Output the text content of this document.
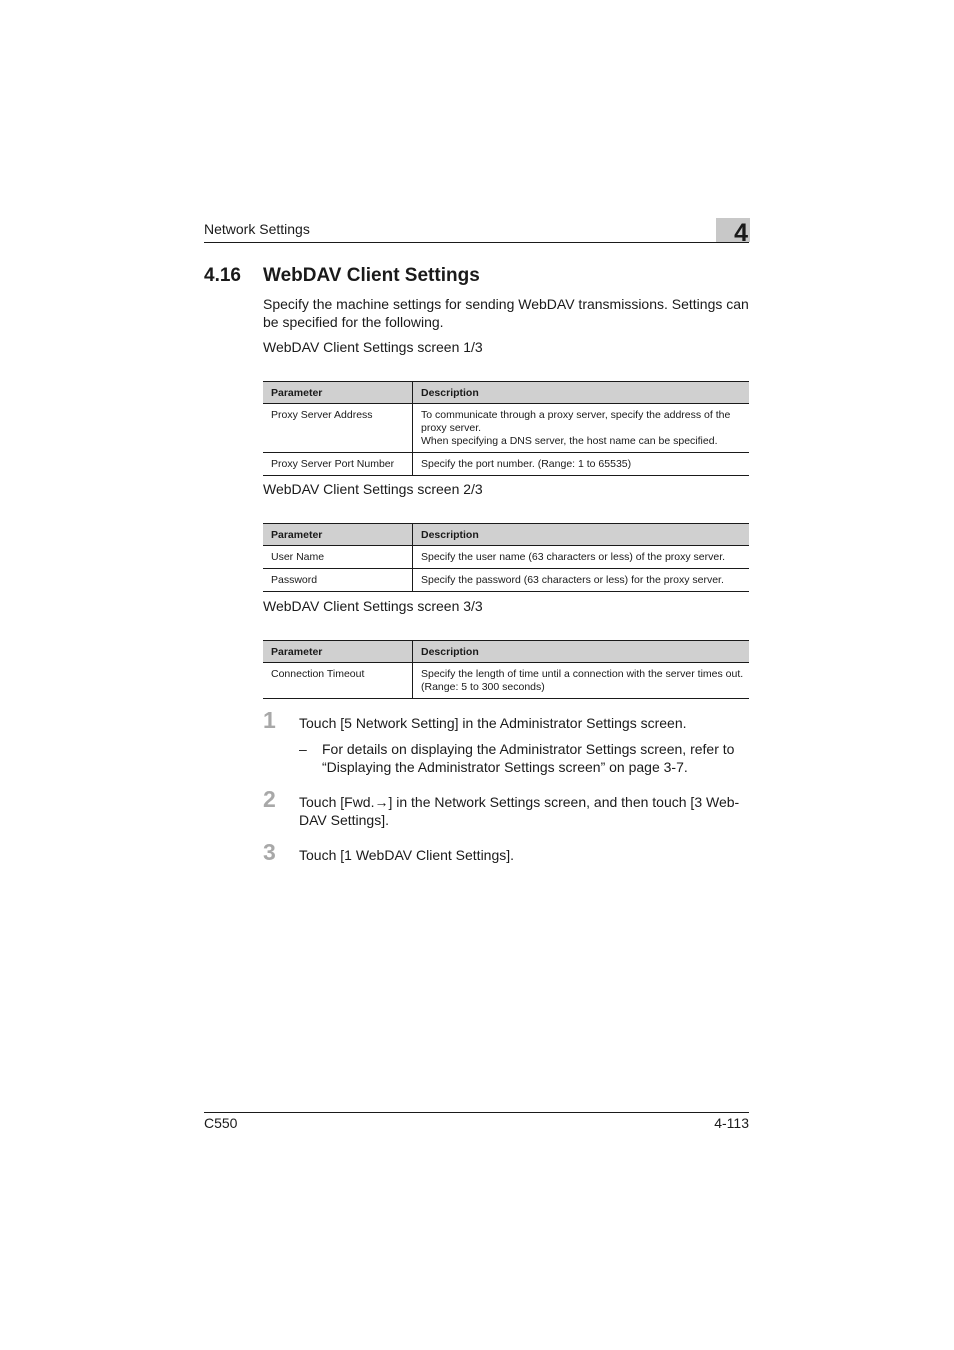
Network Settings	4
4.16 WebDAV Client Settings
Specify the machine settings for sending WebDAV transmissions. Settings can be specified for the following.
WebDAV Client Settings screen 1/3
Parameter	Description
Proxy Server Address	To communicate through a proxy server, specify the address of the proxy server.
When specifying a DNS server, the host name can be specified.

Proxy Server Port Number	Specify the port number. (Range: 1 to 65535)
WebDAV Client Settings screen 2/3
Parameter	Description
User Name	Specify the user name (63 characters or less) of the proxy server.

Password	Specify the password (63 characters or less) for the proxy server.
WebDAV Client Settings screen 3/3
Parameter	Description
Connection Timeout	Specify the length of time until a connection with the server times out. (Range: 5 to 300 seconds)
1 Touch [5 Network Setting] in the Administrator Settings screen.
– For details on displaying the Administrator Settings screen, refer to “Displaying the Administrator Settings screen” on page 3-7.
2 Touch [Fwd.→] in the Network Settings screen, and then touch [3 Web-DAV Settings].
3 Touch [1 WebDAV Client Settings].
C550	4-113
